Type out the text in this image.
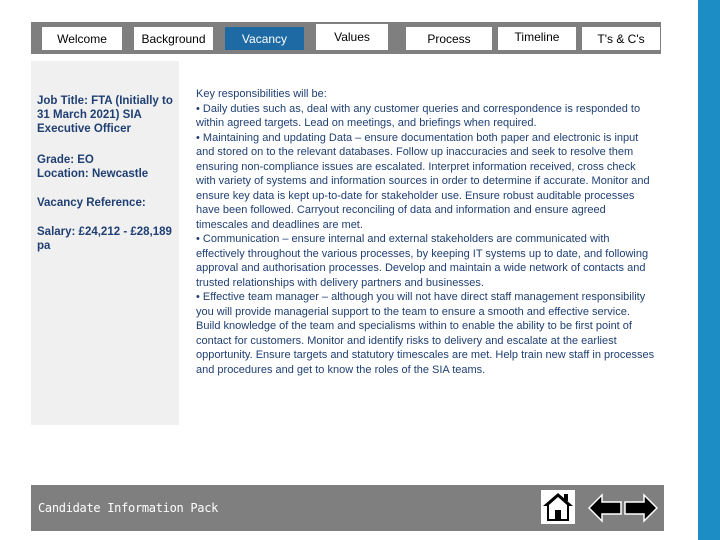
Welcome	Background	Vacancy	Values	Process	Timeline	T's & C's
Job Title: FTA (Initially to 31 March 2021) SIA Executive Officer
Grade: EO
Location: Newcastle
Vacancy Reference:
Salary: £24,212 - £28,189 pa

Key responsibilities will be:

• Daily duties such as, deal with any customer queries and correspondence is responded to within agreed targets. Lead on meetings, and briefings when required.

• Maintaining and updating Data – ensure documentation both paper and electronic is input and stored on to the relevant databases. Follow up inaccuracies and seek to resolve them ensuring non-compliance issues are escalated. Interpret information received, cross check with variety of systems and information sources in order to determine if accurate. Monitor and ensure key data is kept up-to-date for stakeholder use. Ensure robust auditable processes have been followed. Carryout reconciling of data and information and ensure agreed timescales and deadlines are met.

• Communication – ensure internal and external stakeholders are communicated with effectively throughout the various processes, by keeping IT systems up to date, and following approval and authorisation processes. Develop and maintain a wide network of contacts and trusted relationships with delivery partners and businesses.

• Effective team manager – although you will not have direct staff management responsibility you will provide managerial support to the team to ensure a smooth and effective service. Build knowledge of the team and specialisms within to enable the ability to be first point of contact for customers. Monitor and identify risks to delivery and escalate at the earliest opportunity. Ensure targets and statutory timescales are met. Help train new staff in processes and procedures and get to know the roles of the SIA teams.

Candidate Information Pack
